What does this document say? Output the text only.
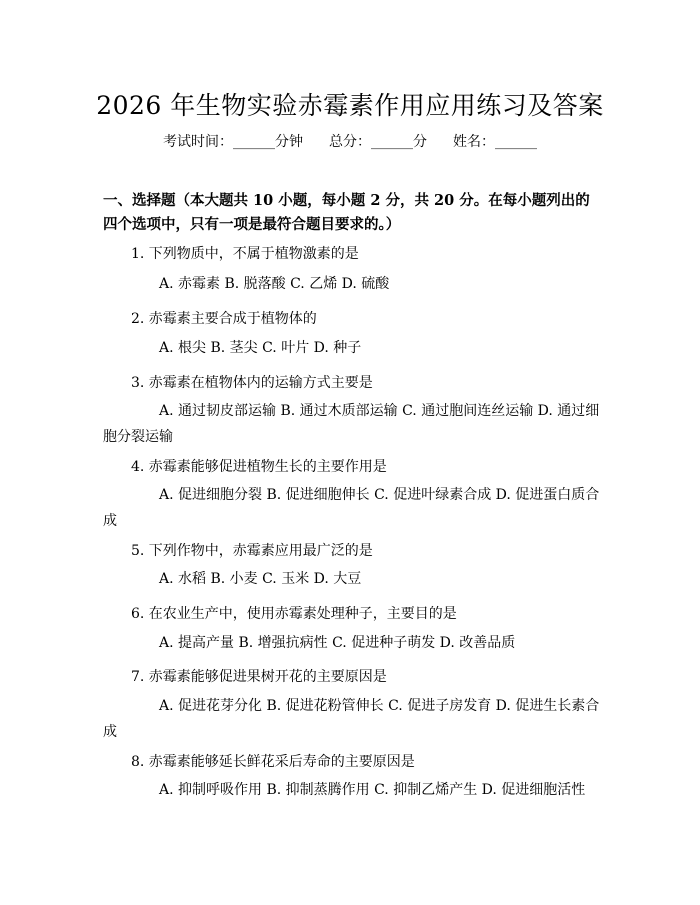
2026 年生物实验赤霉素作用应用练习及答案
考试时间：______分钟 总分：______分 姓名：______
一、选择题（本大题共 10 小题，每小题 2 分，共 20 分。在每小题列出的四个选项中，只有一项是最符合题目要求的。）
1. 下列物质中，不属于植物激素的是
A. 赤霉素 B. 脱落酸 C. 乙烯 D. 硫酸
2. 赤霉素主要合成于植物体的
A. 根尖 B. 茎尖 C. 叶片 D. 种子
3. 赤霉素在植物体内的运输方式主要是
A. 通过韧皮部运输 B. 通过木质部运输 C. 通过胞间连丝运输 D. 通过细胞分裂运输
4. 赤霉素能够促进植物生长的主要作用是
A. 促进细胞分裂 B. 促进细胞伸长 C. 促进叶绿素合成 D. 促进蛋白质合成
5. 下列作物中，赤霉素应用最广泛的是
A. 水稻 B. 小麦 C. 玉米 D. 大豆
6. 在农业生产中，使用赤霉素处理种子，主要目的是
A. 提高产量 B. 增强抗病性 C. 促进种子萌发 D. 改善品质
7. 赤霉素能够促进果树开花的主要原因是
A. 促进花芽分化 B. 促进花粉管伸长 C. 促进子房发育 D. 促进生长素合成
8. 赤霉素能够延长鲜花采后寿命的主要原因是
A. 抑制呼吸作用 B. 抑制蒸腾作用 C. 抑制乙烯产生 D. 促进细胞活性
